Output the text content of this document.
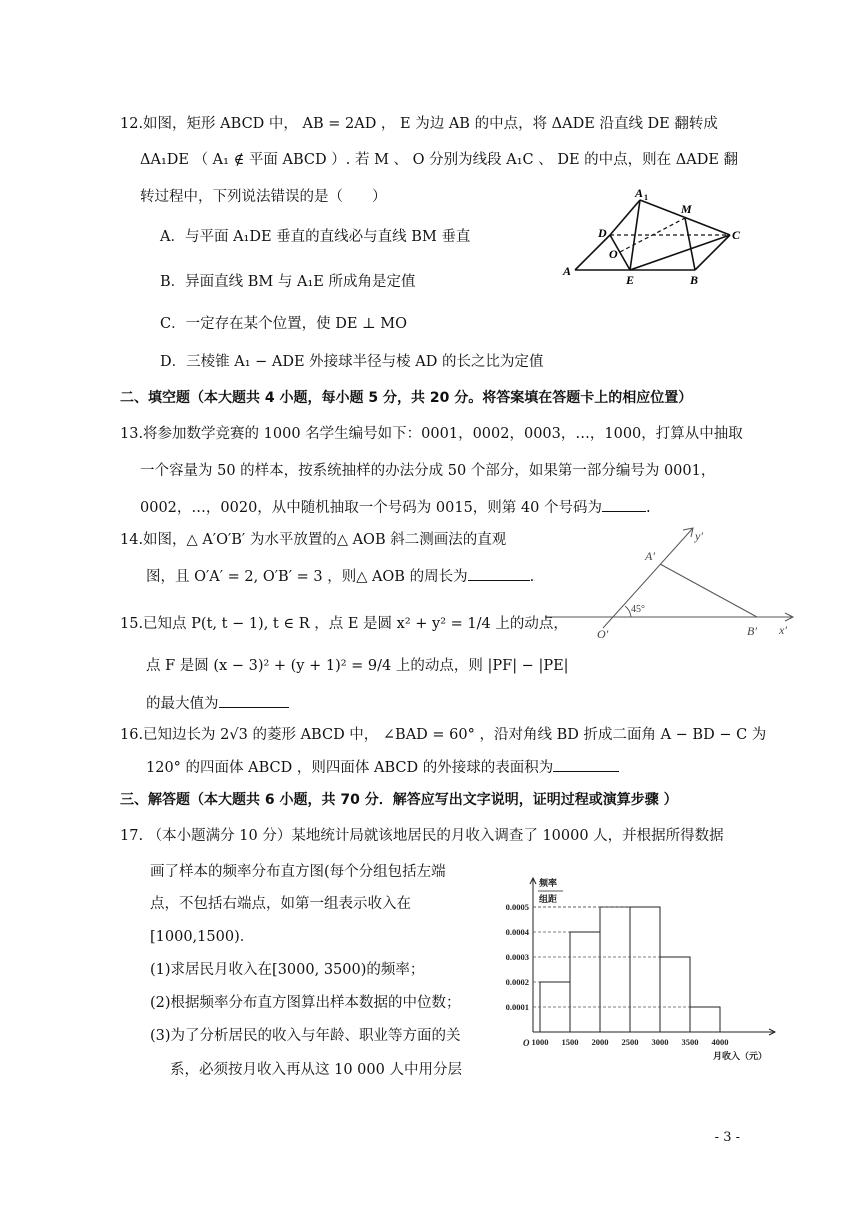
12.如图，矩形 ABCD 中， AB = 2AD ， E 为边 AB 的中点，将 ΔADE 沿直线 DE 翻转成
ΔA₁DE （ A₁ ∉ 平面 ABCD ）. 若 M 、 O 分别为线段 A₁C 、 DE 的中点，则在 ΔADE 翻
转过程中，下列说法错误的是（　　）
A．与平面 A₁DE 垂直的直线必与直线 BM 垂直
B．异面直线 BM 与 A₁E 所成角是定值
C．一定存在某个位置，使 DE ⊥ MO
D．三棱锥 A₁ − ADE 外接球半径与棱 AD 的长之比为定值
A 1
M
D	C
O
A
E	B
二、填空题（本大题共 4 小题，每小题 5 分，共 20 分。将答案填在答题卡上的相应位置）
13.将参加数学竞赛的 1000 名学生编号如下：0001，0002，0003，…，1000，打算从中抽取
一个容量为 50 的样本，按系统抽样的办法分成 50 个部分，如果第一部分编号为 0001，
0002，…，0020，从中随机抽取一个号码为 0015，则第 40 个号码为	.
14.如图，△ A′O′B′ 为水平放置的△ AOB 斜二测画法的直观
图，且 O′A′ = 2, O′B′ = 3 ，则△ AOB 的周长为	.
y′
A′
45°
O′	B′ x′
15.已知点 P(t, t − 1), t ∈ R ，点 E 是圆 x² + y² = 1/4 上的动点，
点 F 是圆 (x − 3)² + (y + 1)² = 9/4 上的动点，则 |PF| − |PE|
的最大值为
16.已知边长为 2√3 的菱形 ABCD 中， ∠BAD = 60° ，沿对角线 BD 折成二面角 A − BD − C 为
120° 的四面体 ABCD ，则四面体 ABCD 的外接球的表面积为
三、解答题（本大题共 6 小题，共 70 分．解答应写出文字说明，证明过程或演算步骤 ）
17. （本小题满分 10 分）某地统计局就该地居民的月收入调查了 10000 人，并根据所得数据
画了样本的频率分布直方图(每个分组包括左端
点，不包括右端点，如第一组表示收入在
[1000,1500)．
(1)求居民月收入在[3000, 3500)的频率；
(2)根据频率分布直方图算出样本数据的中位数；
(3)为了分析居民的收入与年龄、职业等方面的关
系，必须按月收入再从这 10 000 人中用分层
0.0001
0.0002
0.0003
0.0004
0.0005
1000 1500 2000 2500 3000 3500 4000
O
频率
组距
月收入（元）
- 3 -
